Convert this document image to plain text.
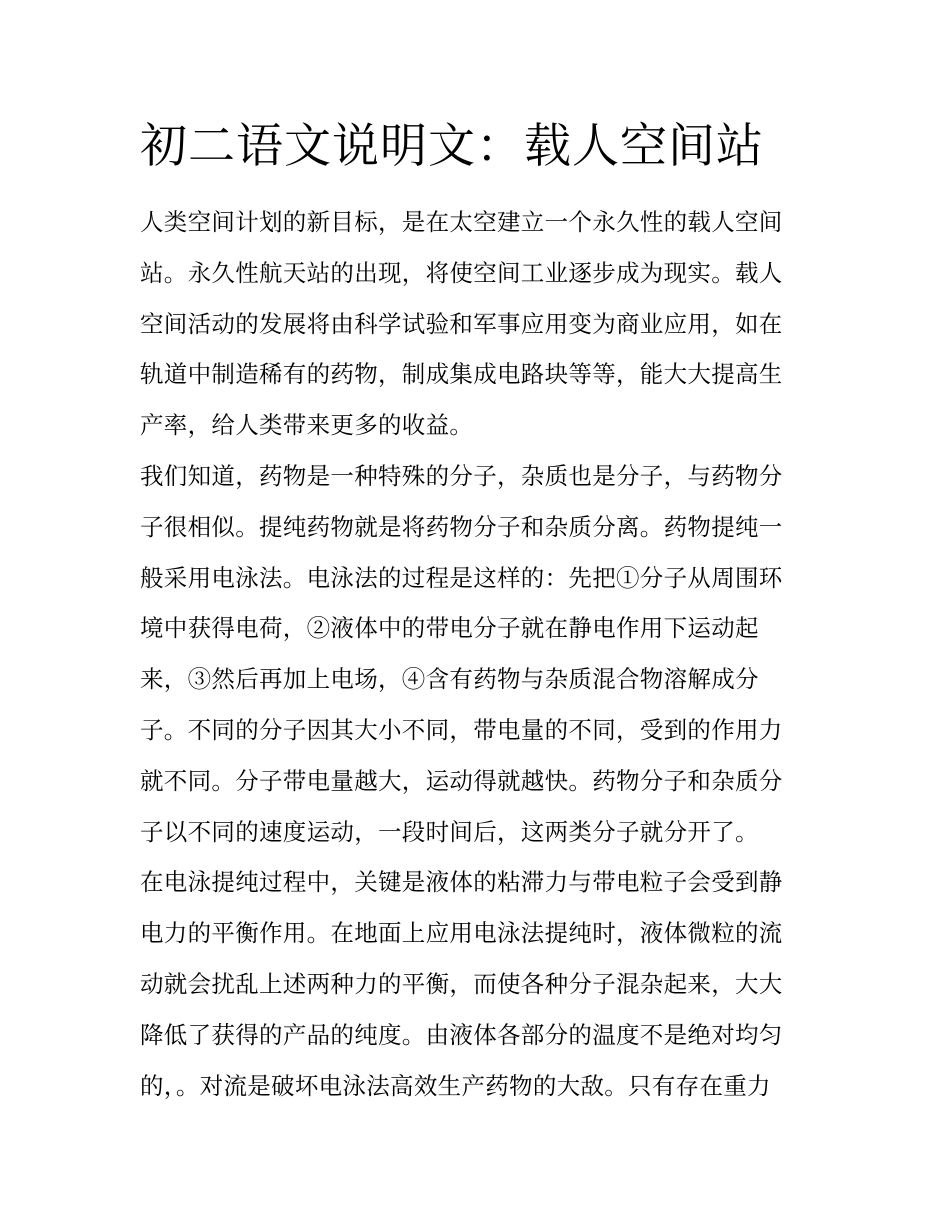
初二语文说明文：载人空间站
人类空间计划的新目标，是在太空建立一个永久性的载人空间
站。永久性航天站的出现，将使空间工业逐步成为现实。载人
空间活动的发展将由科学试验和军事应用变为商业应用，如在
轨道中制造稀有的药物，制成集成电路块等等，能大大提高生
产率，给人类带来更多的收益。
我们知道，药物是一种特殊的分子，杂质也是分子，与药物分
子很相似。提纯药物就是将药物分子和杂质分离。药物提纯一
般采用电泳法。电泳法的过程是这样的：先把①分子从周围环
境中获得电荷，②液体中的带电分子就在静电作用下运动起
来，③然后再加上电场，④含有药物与杂质混合物溶解成分
子。不同的分子因其大小不同，带电量的不同，受到的作用力
就不同。分子带电量越大，运动得就越快。药物分子和杂质分
子以不同的速度运动，一段时间后，这两类分子就分开了。
在电泳提纯过程中，关键是液体的粘滞力与带电粒子会受到静
电力的平衡作用。在地面上应用电泳法提纯时，液体微粒的流
动就会扰乱上述两种力的平衡，而使各种分子混杂起来，大大
降低了获得的产品的纯度。由液体各部分的温度不是绝对均匀
的，。对流是破坏电泳法高效生产药物的大敌。只有存在重力
